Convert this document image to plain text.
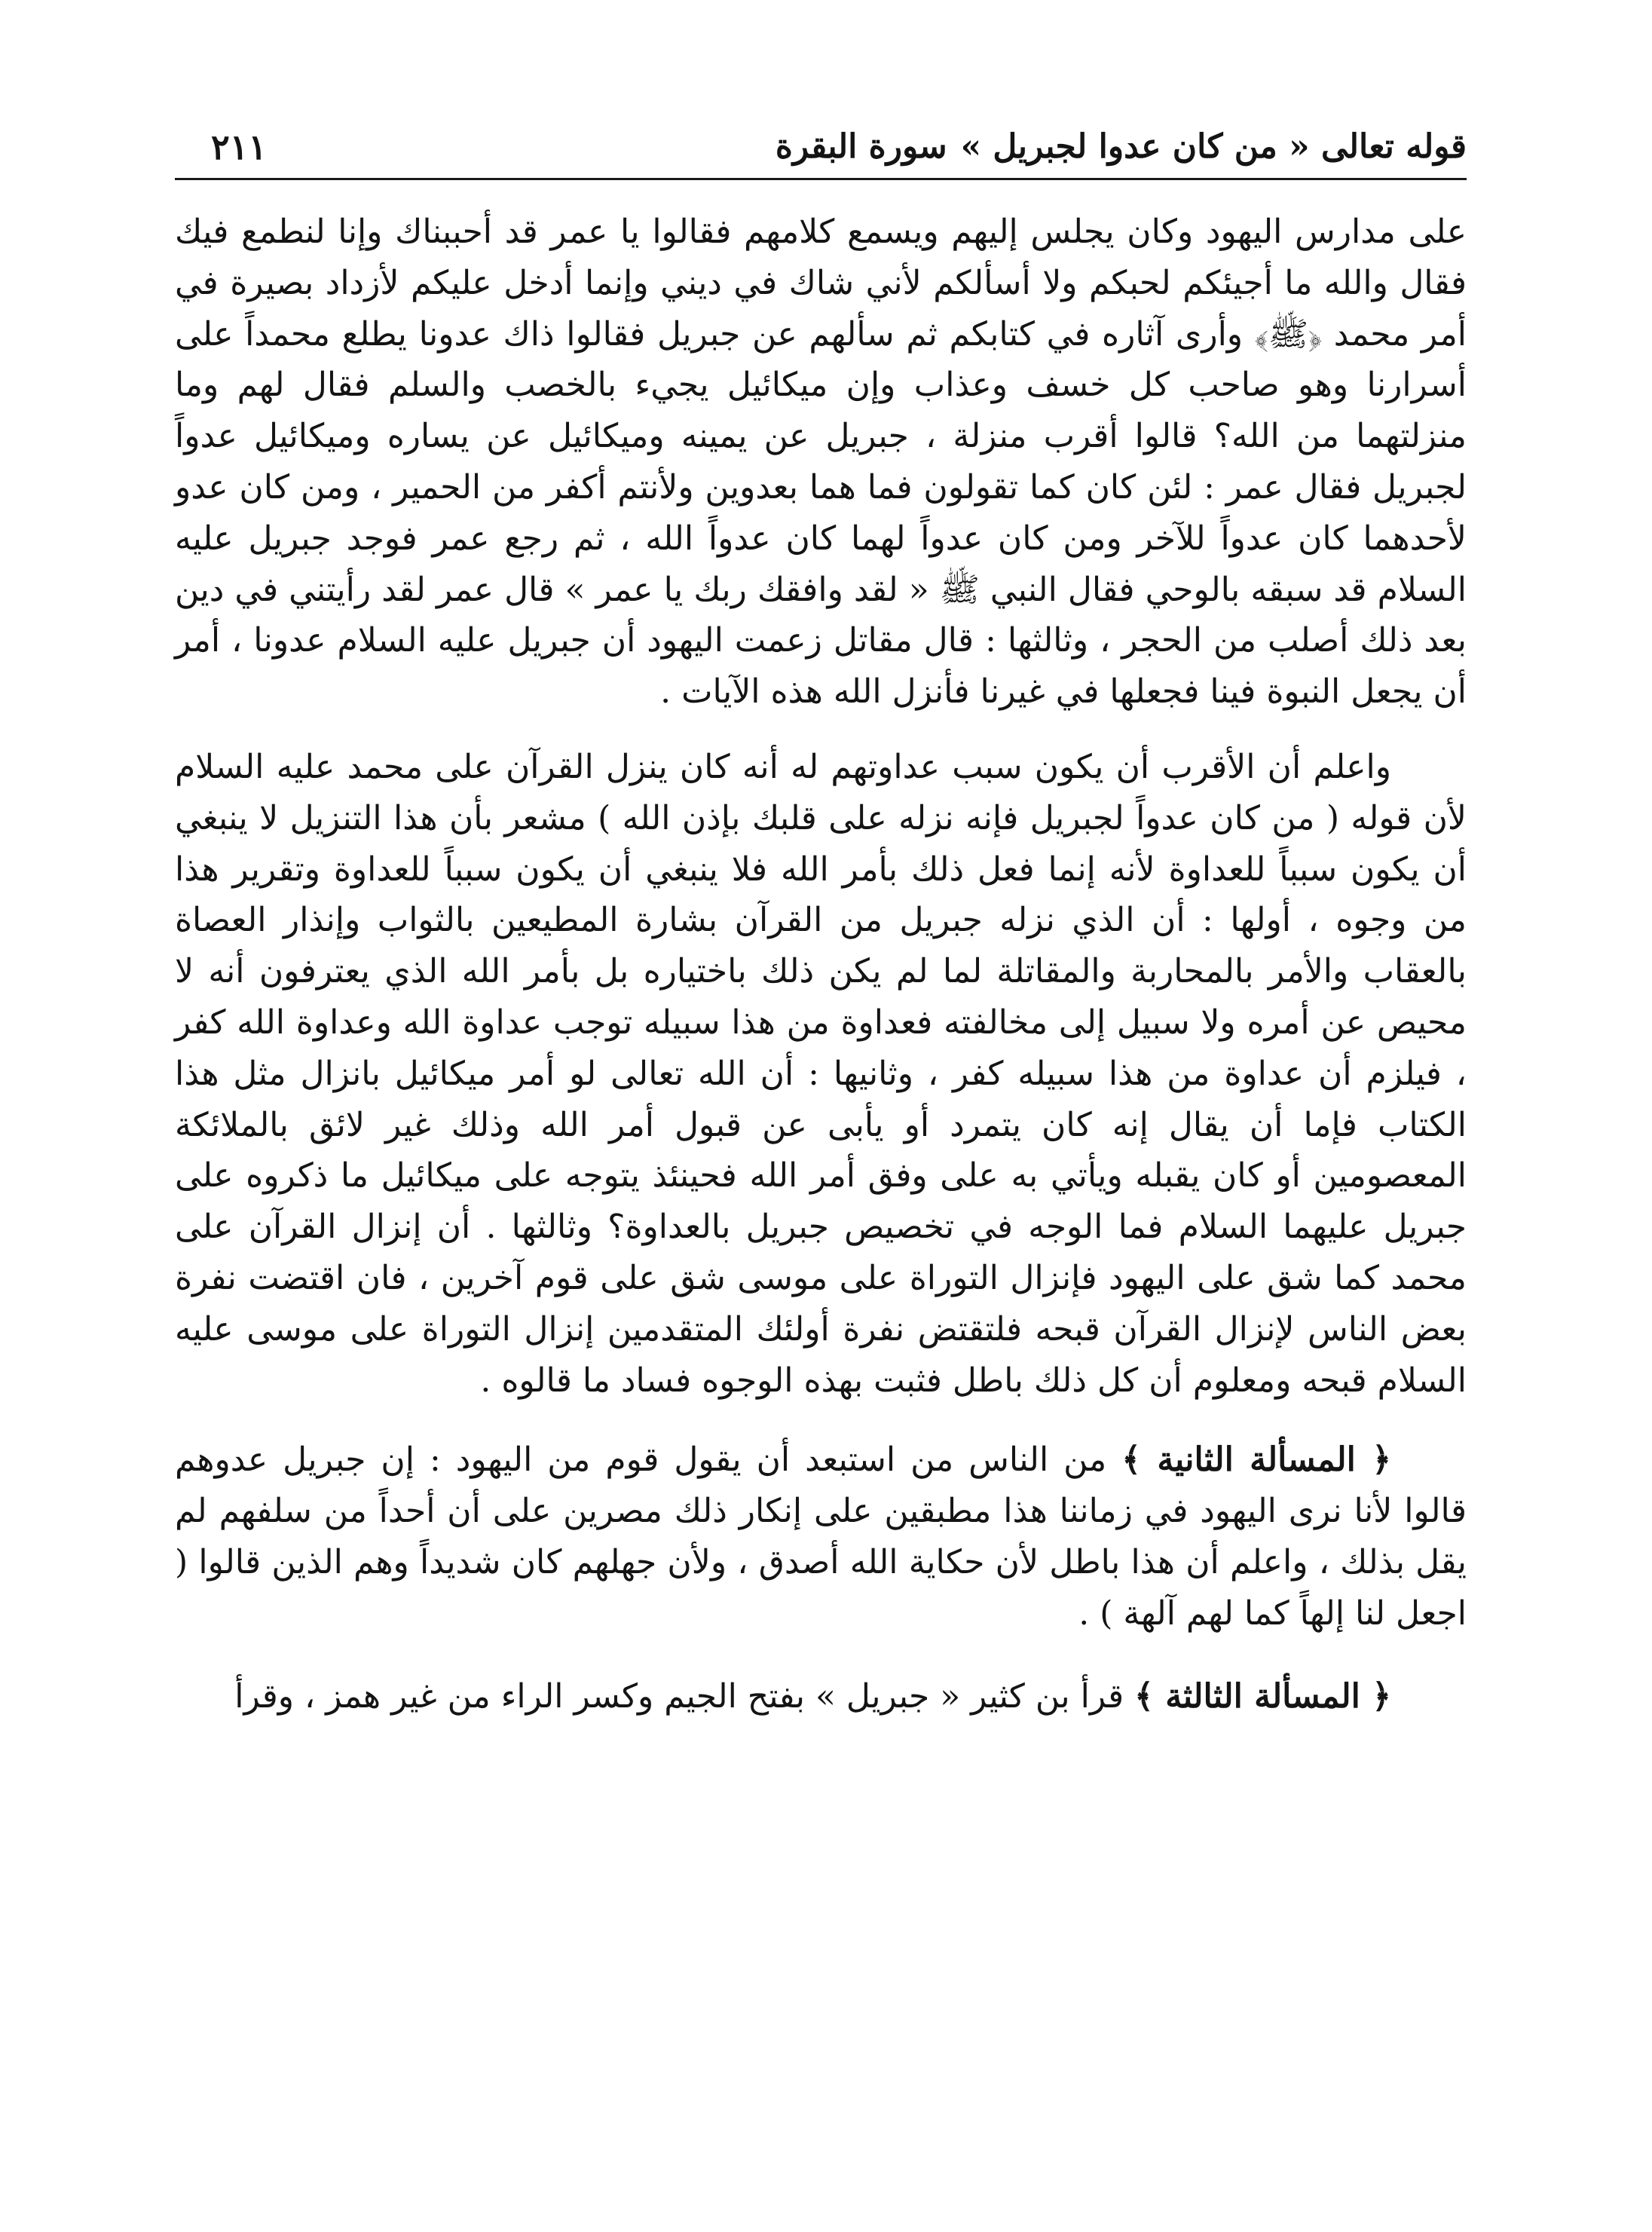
قوله تعالى « من كان عدوا لجبريل »سورة البقرة
٢١١

على مدارس اليهود وكان يجلس إليهم ويسمع كلامهم فقالوا يا عمر قد أحببناك وإنا لنطمع فيك فقال والله ما أجيئكم لحبكم ولا أسألكم لأني شاك في ديني وإنما أدخل عليكم لأزداد بصيرة في أمر محمد ﴿ﷺ﴾ وأرى آثاره في كتابكم ثم سألهم عن جبريل فقالوا ذاك عدونا يطلع محمداً على أسرارنا وهو صاحب كل خسف وعذاب وإن ميكائيل يجيء بالخصب والسلم فقال لهم وما منزلتهما من الله؟ قالوا أقرب منزلة ، جبريل عن يمينه وميكائيل عن يساره وميكائيل عدواً لجبريل فقال عمر : لئن كان كما تقولون فما هما بعدوين ولأنتم أكفر من الحمير ، ومن كان عدو لأحدهما كان عدواً للآخر ومن كان عدواً لهما كان عدواً الله ، ثم رجع عمر فوجد جبريل عليه السلام قد سبقه بالوحي فقال النبي ﷺ « لقد وافقك ربك يا عمر » قال عمر لقد رأيتني في دين بعد ذلك أصلب من الحجر ، وثالثها : قال مقاتل زعمت اليهود أن جبريل عليه السلام عدونا ، أمر أن يجعل النبوة فينا فجعلها في غيرنا فأنزل الله هذه الآيات .

واعلم أن الأقرب أن يكون سبب عداوتهم له أنه كان ينزل القرآن على محمد عليه السلام لأن قوله ( من كان عدواً لجبريل فإنه نزله على قلبك بإذن الله ) مشعر بأن هذا التنزيل لا ينبغي أن يكون سبباً للعداوة لأنه إنما فعل ذلك بأمر الله فلا ينبغي أن يكون سبباً للعداوة وتقرير هذا من وجوه ، أولها : أن الذي نزله جبريل من القرآن بشارة المطيعين بالثواب وإنذار العصاة بالعقاب والأمر بالمحاربة والمقاتلة لما لم يكن ذلك باختياره بل بأمر الله الذي يعترفون أنه لا محيص عن أمره ولا سبيل إلى مخالفته فعداوة من هذا سبيله توجب عداوة الله وعداوة الله كفر ، فيلزم أن عداوة من هذا سبيله كفر ، وثانيها : أن الله تعالى لو أمر ميكائيل بانزال مثل هذا الكتاب فإما أن يقال إنه كان يتمرد أو يأبى عن قبول أمر الله وذلك غير لائق بالملائكة المعصومين أو كان يقبله ويأتي به على وفق أمر الله فحينئذ يتوجه على ميكائيل ما ذكروه على جبريل عليهما السلام فما الوجه في تخصيص جبريل بالعداوة؟ وثالثها . أن إنزال القرآن على محمد كما شق على اليهود فإنزال التوراة على موسى شق على قوم آخرين ، فان اقتضت نفرة بعض الناس لإنزال القرآن قبحه فلتقتض نفرة أولئك المتقدمين إنزال التوراة على موسى عليه السلام قبحه ومعلوم أن كل ذلك باطل فثبت بهذه الوجوه فساد ما قالوه .

﴿ المسألة الثانية ﴾ من الناس من استبعد أن يقول قوم من اليهود : إن جبريل عدوهم قالوا لأنا نرى اليهود في زماننا هذا مطبقين على إنكار ذلك مصرين على أن أحداً من سلفهم لم يقل بذلك ، واعلم أن هذا باطل لأن حكاية الله أصدق ، ولأن جهلهم كان شديداً وهم الذين قالوا ( اجعل لنا إلهاً كما لهم آلهة ) .

﴿ المسألة الثالثة ﴾ قرأ بن كثير « جبريل » بفتح الجيم وكسر الراء من غير همز ، وقرأ
